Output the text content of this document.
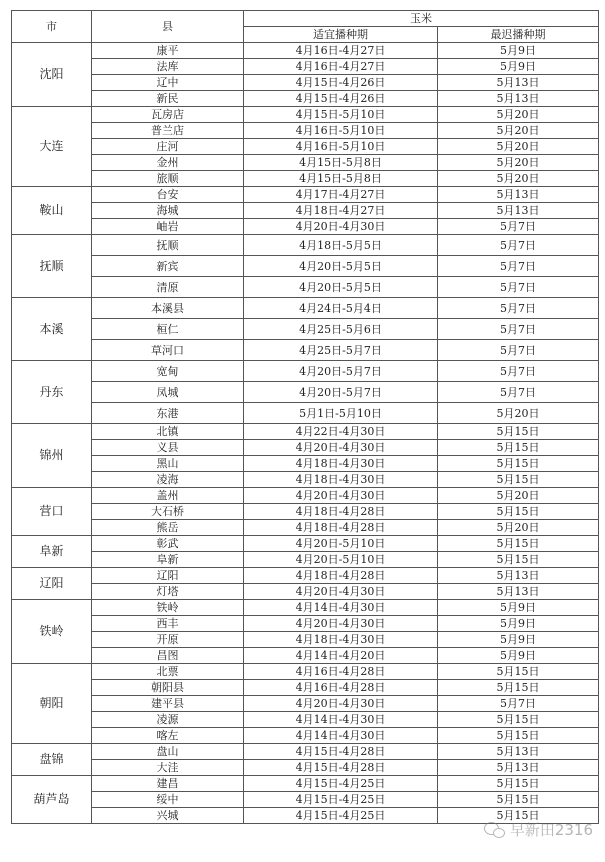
市	县	玉米	
		适宜播种期	最迟播种期
沈阳	康平	4月16日-4月27日	5月9日
	法库	4月16日-4月27日	5月9日
	辽中	4月15日-4月26日	5月13日
	新民	4月15日-4月26日	5月13日
大连	瓦房店	4月15日-5月10日	5月20日
	普兰店	4月16日-5月10日	5月20日
	庄河	4月16日-5月10日	5月20日
	金州	4月15日-5月8日	5月20日
	旅顺	4月15日-5月8日	5月20日
鞍山	台安	4月17日-4月27日	5月13日
	海城	4月18日-4月27日	5月13日
	岫岩	4月20日-4月30日	5月7日
抚顺	抚顺	4月18日-5月5日	5月7日
	新宾	4月20日-5月5日	5月7日
	清原	4月20日-5月5日	5月7日
本溪	本溪县	4月24日-5月4日	5月7日
	桓仁	4月25日-5月6日	5月7日
	草河口	4月25日-5月7日	5月7日
丹东	宽甸	4月20日-5月7日	5月7日
	凤城	4月20日-5月7日	5月7日
	东港	5月1日-5月10日	5月20日
锦州	北镇	4月22日-4月30日	5月15日
	义县	4月20日-4月30日	5月15日
	黑山	4月18日-4月30日	5月15日
	凌海	4月18日-4月30日	5月15日
营口	盖州	4月20日-4月30日	5月20日
	大石桥	4月18日-4月28日	5月15日
	熊岳	4月18日-4月28日	5月20日
阜新	彰武	4月20日-5月10日	5月15日
	阜新	4月20日-5月10日	5月15日
辽阳	辽阳	4月18日-4月28日	5月13日
	灯塔	4月20日-4月30日	5月13日
铁岭	铁岭	4月14日-4月30日	5月9日
	西丰	4月20日-4月30日	5月9日
	开原	4月18日-4月30日	5月9日
	昌图	4月14日-4月20日	5月9日
朝阳	北票	4月16日-4月28日	5月15日
	朝阳县	4月16日-4月28日	5月15日
	建平县	4月20日-4月30日	5月7日
	凌源	4月14日-4月30日	5月15日
	喀左	4月14日-4月30日	5月15日
盘锦	盘山	4月15日-4月28日	5月13日
	大洼	4月15日-4月28日	5月13日
葫芦岛	建昌	4月15日-4月25日	5月15日
	绥中	4月15日-4月25日	5月15日
	兴城	4月15日-4月25日	5月15日
早新田2316
